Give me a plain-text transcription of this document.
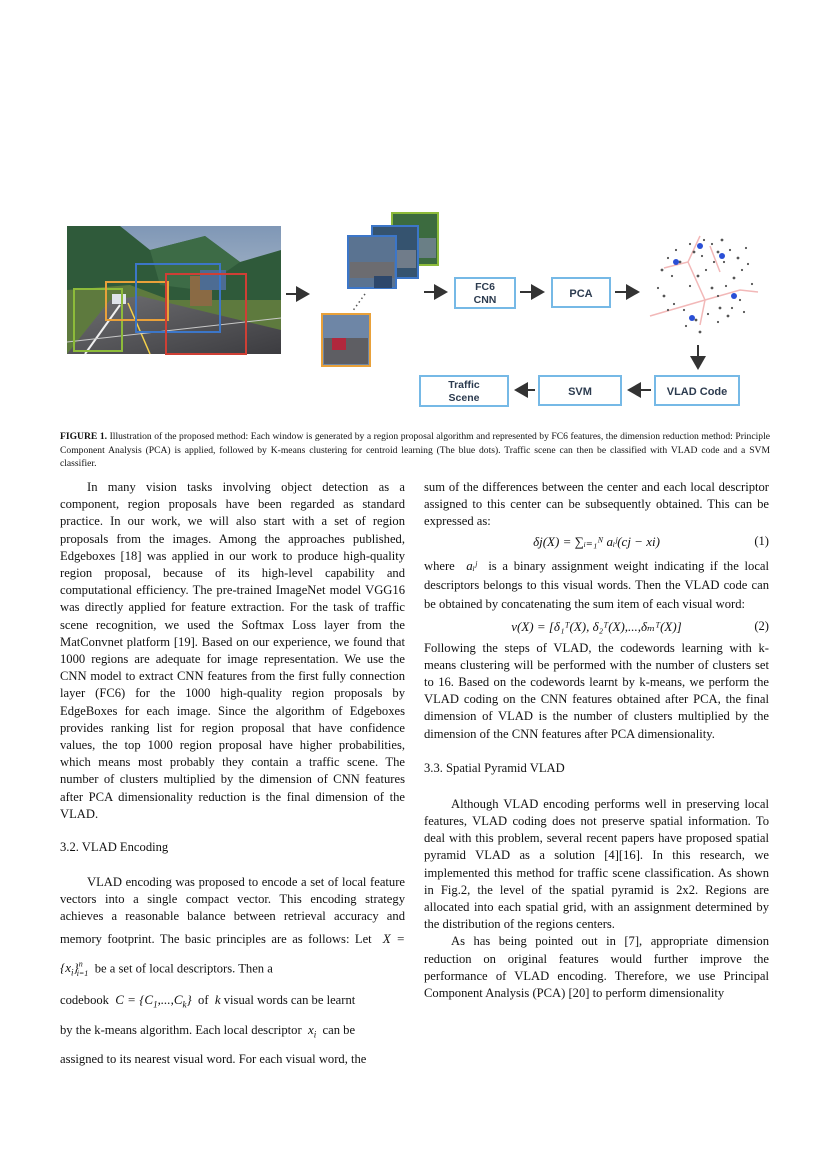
FC6
CNN	PCA
VLAD Code
SVM
Traffic
Scene
FIGURE 1. Illustration of the proposed method: Each window is generated by a region proposal algorithm and represented by FC6 features, the dimension reduction method: Principle Component Analysis (PCA) is applied, followed by K-means clustering for centroid learning (The blue dots). Traffic scene can then be classified with VLAD code and a SVM classifier.

In many vision tasks involving object detection as a component, region proposals have been regarded as standard practice. In our work, we will also start with a set of region proposals from the images. Among the approaches published, Edgeboxes [18] was applied in our work to produce high-quality region proposal, because of its high-level capability and computational efficiency. The pre-trained ImageNet model VGG16 was directly applied for feature extraction. For the task of traffic scene recognition, we used the Softmax Loss layer from the MatConvnet platform [19]. Based on our experience, we found that 1000 regions are adequate for image representation. We use the CNN model to extract CNN features from the first fully connection layer (FC6) for the 1000 high-quality region proposals by EdgeBoxes for each image. Since the algorithm of Edgeboxes provides ranking list for region proposal that have confidence values, the top 1000 region proposal have higher probabilities, which means most probably they contain a traffic scene. The number of clusters multiplied by the dimension of CNN features after PCA dimensionality reduction is the final dimension of the VLAD.

3.2. VLAD Encoding

VLAD encoding was proposed to encode a set of local feature vectors into a single compact vector. This encoding strategy achieves a reasonable balance between retrieval accuracy and memory footprint. The basic principles are as follows: Let $X = \{x_i\}^n_{i=1}$ be a set of local descriptors. Then a

codebook $C = \{C_1,...,C_k\}$ of k visual words can be learnt

by the k-means algorithm. Each local descriptor $x_i$ can be

assigned to its nearest visual word. For each visual word, the

sum of the differences between the center and each local descriptor assigned to this center can be subsequently obtained. This can be expressed as:

δj(X) = ∑ᵢ₌₁ᴺ aᵢʲ(cj − xi)	(1)

where aᵢʲ is a binary assignment weight indicating if the local descriptors belongs to this visual words. Then the VLAD code can be obtained by concatenating the sum item of each visual word:

v(X) = [δ₁ᵀ(X), δ₂ᵀ(X),...,δₘᵀ(X)]	(2)

Following the steps of VLAD, the codewords learning with k-means clustering will be performed with the number of clusters set to 16. Based on the codewords learnt by k-means, we perform the VLAD coding on the CNN features obtained after PCA, the final dimension of VLAD is the number of clusters multiplied by the dimension of the CNN features after PCA dimensionality.

3.3. Spatial Pyramid VLAD

Although VLAD encoding performs well in preserving local features, VLAD coding does not preserve spatial information. To deal with this problem, several recent papers have proposed spatial pyramid VLAD as a solution [4][16]. In this research, we implemented this method for traffic scene classification. As shown in Fig.2, the level of the spatial pyramid is 2x2. Regions are allocated into each spatial grid, with an assignment determined by the distribution of the regions centers.

As has being pointed out in [7], appropriate dimension reduction on original features would further improve the performance of VLAD encoding. Therefore, we use Principal Component Analysis (PCA) [20] to perform dimensionality
